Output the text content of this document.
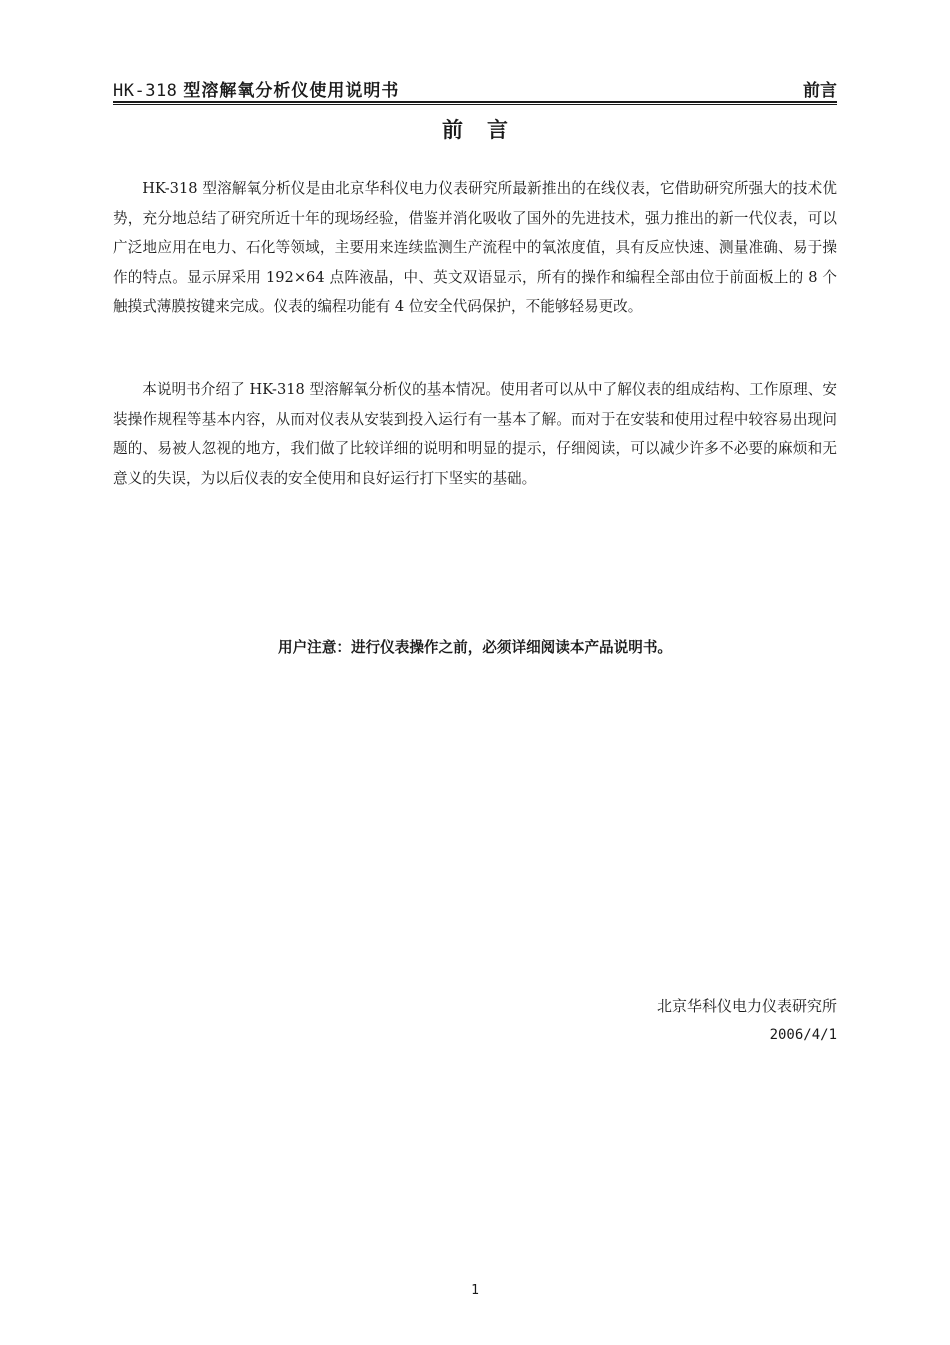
HK-318 型溶解氧分析仪使用说明书	前言
前言

HK-318 型溶解氧分析仪是由北京华科仪电力仪表研究所最新推出的在线仪表，它借助研究所强大的技术优势，充分地总结了研究所近十年的现场经验，借鉴并消化吸收了国外的先进技术，强力推出的新一代仪表，可以广泛地应用在电力、石化等领域，主要用来连续监测生产流程中的氧浓度值，具有反应快速、测量准确、易于操作的特点。显示屏采用 192×64 点阵液晶，中、英文双语显示，所有的操作和编程全部由位于前面板上的 8 个触摸式薄膜按键来完成。仪表的编程功能有 4 位安全代码保护，不能够轻易更改。

本说明书介绍了 HK-318 型溶解氧分析仪的基本情况。使用者可以从中了解仪表的组成结构、工作原理、安装操作规程等基本内容，从而对仪表从安装到投入运行有一基本了解。而对于在安装和使用过程中较容易出现问题的、易被人忽视的地方，我们做了比较详细的说明和明显的提示，仔细阅读，可以减少许多不必要的麻烦和无意义的失误，为以后仪表的安全使用和良好运行打下坚实的基础。

用户注意：进行仪表操作之前，必须详细阅读本产品说明书。
北京华科仪电力仪表研究所
2006/4/1
1
